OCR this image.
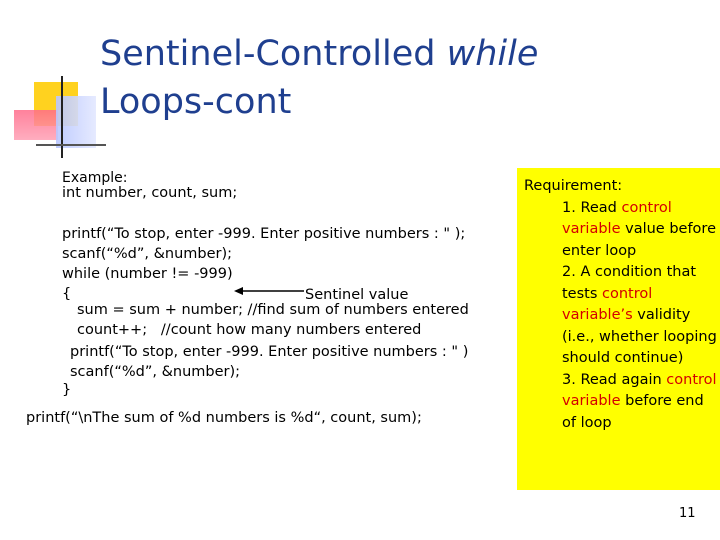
Sentinel-Controlled while
Loops-cont
Example:
int number, count, sum;
printf(“To stop, enter -999. Enter positive numbers : " );
scanf(“%d”, &number);
while (number != -999)
{
sum = sum + number; //find sum of numbers entered
count++;   //count how many numbers entered
printf(“To stop, enter -999. Enter positive numbers : " )
scanf(“%d”, &number);
}
printf(“\nThe sum of %d numbers is %d“, count, sum);
Sentinel value
Requirement:
1. Read control variable value before enter loop
2. A condition that tests control variable’s validity (i.e., whether looping should continue)
3. Read again control variable before end of loop
11
